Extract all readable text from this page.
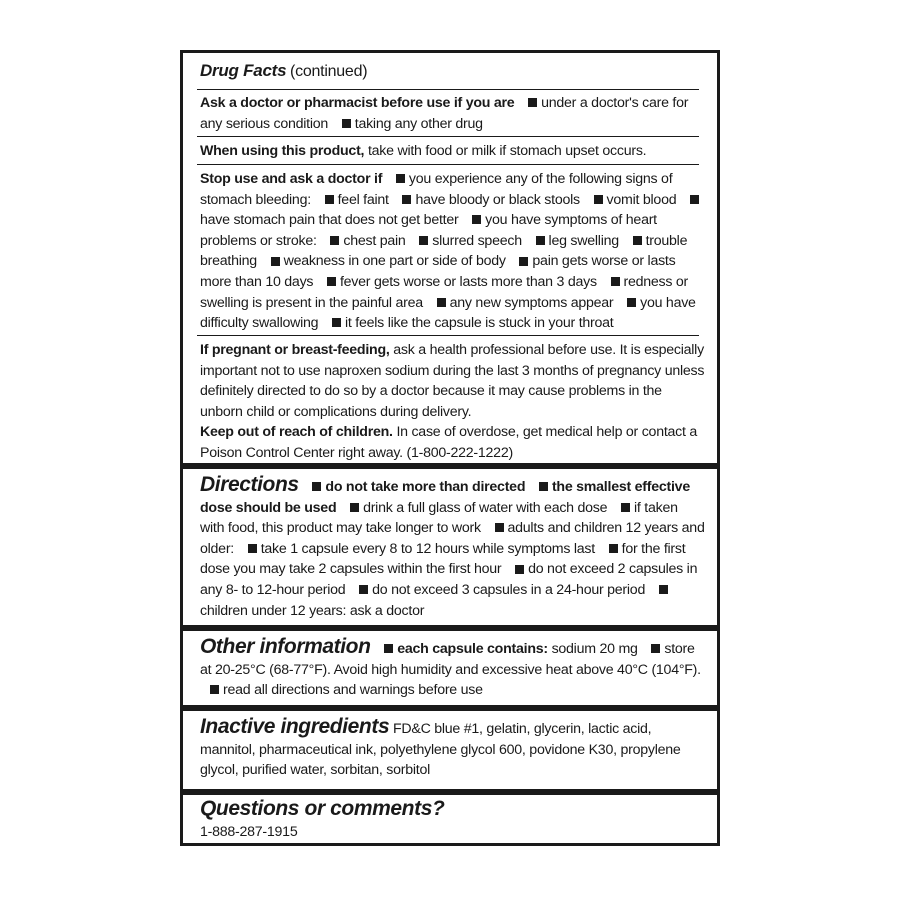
Drug Facts (continued)
Ask a doctor or pharmacist before use if you are under a doctor's care for any serious condition taking any other drug
When using this product, take with food or milk if stomach upset occurs.
Stop use and ask a doctor if you experience any of the following signs of stomach bleeding: feel faint have bloody or black stools vomit blood have stomach pain that does not get better you have symptoms of heart problems or stroke: chest pain slurred speech leg swelling trouble breathing weakness in one part or side of body pain gets worse or lasts more than 10 days fever gets worse or lasts more than 3 days redness or swelling is present in the painful area any new symptoms appear you have difficulty swallowing it feels like the capsule is stuck in your throat

If pregnant or breast-feeding, ask a health professional before use. It is especially important not to use naproxen sodium during the last 3 months of pregnancy unless definitely directed to do so by a doctor because it may cause problems in the unborn child or complications during delivery.

Keep out of reach of children. In case of overdose, get medical help or contact a Poison Control Center right away. (1-800-222-1222)

Directions do not take more than directed the smallest effective dose should be used drink a full glass of water with each dose if taken with food, this product may take longer to work adults and children 12 years and older: take 1 capsule every 8 to 12 hours while symptoms last for the first dose you may take 2 capsules within the first hour do not exceed 2 capsules in any 8- to 12-hour period do not exceed 3 capsules in a 24-hour period children under 12 years: ask a doctor
Other information each capsule contains: sodium 20 mg store at 20-25°C (68-77°F). Avoid high humidity and excessive heat above 40°C (104°F). read all directions and warnings before use
Inactive ingredients FD&C blue #1, gelatin, glycerin, lactic acid, mannitol, pharmaceutical ink, polyethylene glycol 600, povidone K30, propylene glycol, purified water, sorbitan, sorbitol

Questions or comments?

1-888-287-1915
